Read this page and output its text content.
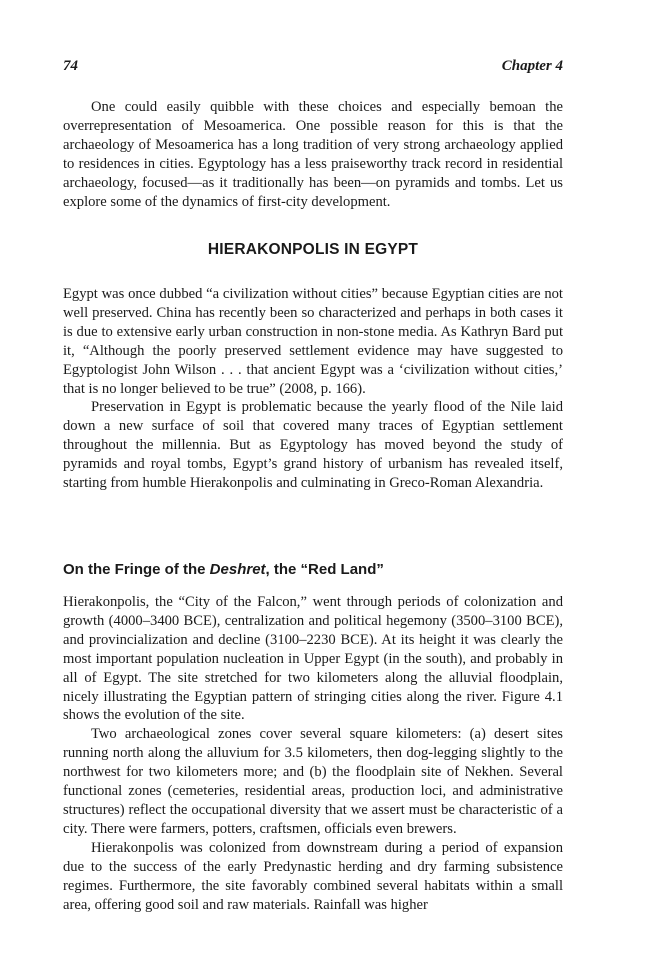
74	Chapter 4

One could easily quibble with these choices and especially bemoan the overrepresentation of Mesoamerica. One possible reason for this is that the archaeology of Mesoamerica has a long tradition of very strong archaeology applied to residences in cities. Egyptology has a less praiseworthy track record in residential archaeology, focused—as it traditionally has been—on pyramids and tombs. Let us explore some of the dynamics of first-city development.

HIERAKONPOLIS IN EGYPT

Egypt was once dubbed “a civilization without cities” because Egyptian cities are not well preserved. China has recently been so characterized and perhaps in both cases it is due to extensive early urban construction in non-stone media. As Kathryn Bard put it, “Although the poorly preserved settlement evidence may have suggested to Egyptologist John Wilson . . . that ancient Egypt was a ‘civilization without cities,’ that is no longer believed to be true” (2008, p. 166).

Preservation in Egypt is problematic because the yearly flood of the Nile laid down a new surface of soil that covered many traces of Egyptian settlement throughout the millennia. But as Egyptology has moved beyond the study of pyramids and royal tombs, Egypt’s grand history of urbanism has revealed itself, starting from humble Hierakonpolis and culminating in Greco-Roman Alexandria.

On the Fringe of the Deshret, the “Red Land”

Hierakonpolis, the “City of the Falcon,” went through periods of colonization and growth (4000–3400 BCE), centralization and political hegemony (3500–3100 BCE), and provincialization and decline (3100–2230 BCE). At its height it was clearly the most important population nucleation in Upper Egypt (in the south), and probably in all of Egypt. The site stretched for two kilometers along the alluvial floodplain, nicely illustrating the Egyptian pattern of stringing cities along the river. Figure 4.1 shows the evolution of the site.

Two archaeological zones cover several square kilometers: (a) desert sites running north along the alluvium for 3.5 kilometers, then dog-legging slightly to the northwest for two kilometers more; and (b) the floodplain site of Nekhen. Several functional zones (cemeteries, residential areas, production loci, and administrative structures) reflect the occupational diversity that we assert must be characteristic of a city. There were farmers, potters, craftsmen, officials even brewers.

Hierakonpolis was colonized from downstream during a period of expansion due to the success of the early Predynastic herding and dry farming subsistence regimes. Furthermore, the site favorably combined several habitats within a small area, offering good soil and raw materials. Rainfall was higher
